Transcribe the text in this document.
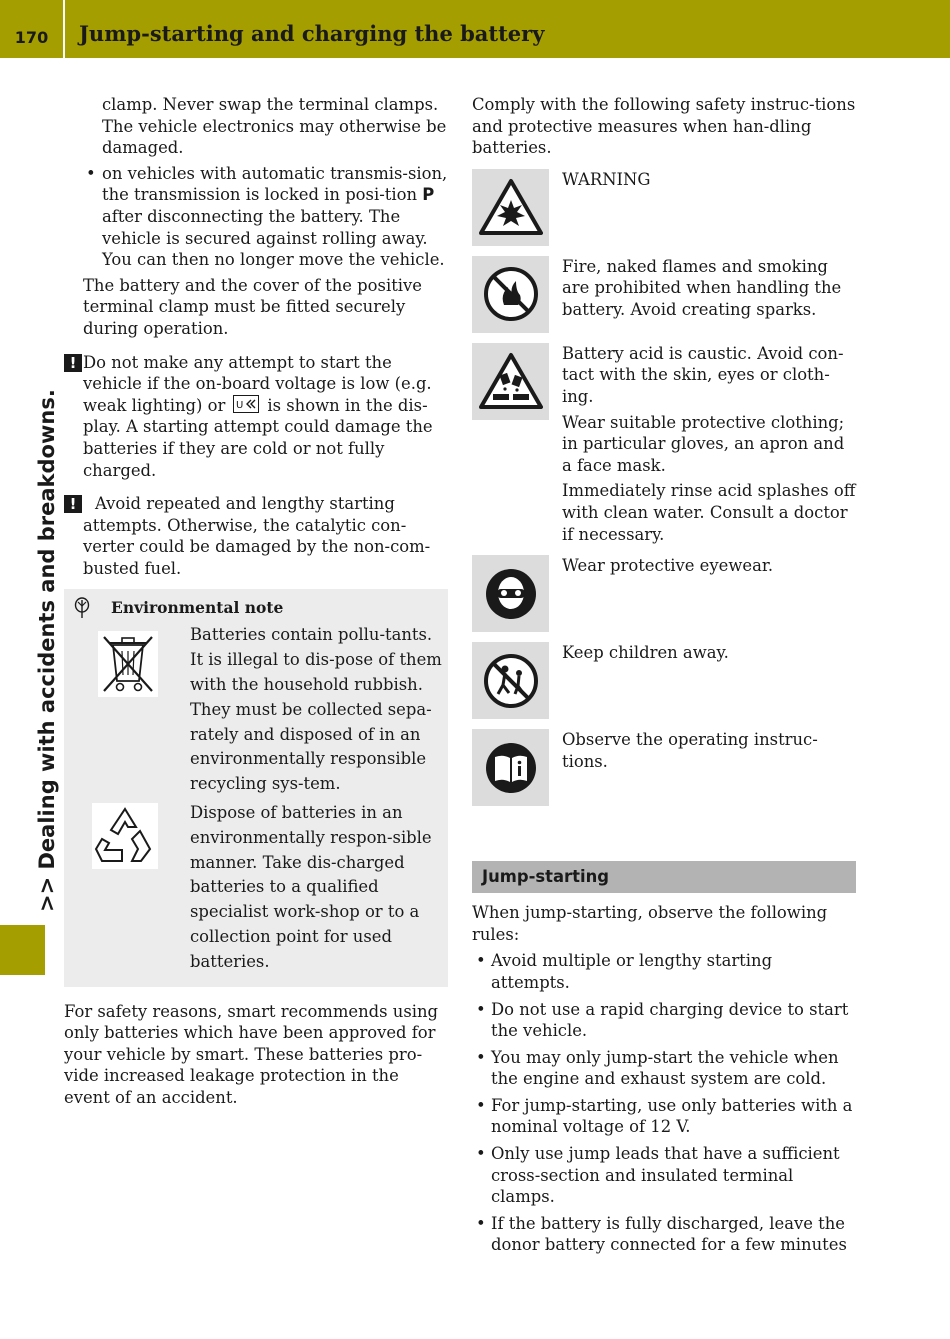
170	Jump-starting and charging the battery
>> Dealing with accidents and breakdowns.

clamp. Never swap the terminal clamps. The vehicle electronics may otherwise be damaged.

• on vehicles with automatic transmis-sion, the transmission is locked in posi-tion P after disconnecting the battery. The vehicle is secured against rolling away. You can then no longer move the vehicle.

The battery and the cover of the positive terminal clamp must be fitted securely during operation.

! Do not make any attempt to start the vehicle if the on-board voltage is low (e.g. weak lighting) or U is shown in the dis-play. A starting attempt could damage the batteries if they are cold or not fully charged.
!	Avoid repeated and lengthy starting attempts. Otherwise, the catalytic con-verter could be damaged by the non-com-busted fuel.
Environmental note

Batteries contain pollu-tants. It is illegal to dis-pose of them with the household rubbish. They must be collected sepa-rately and disposed of in an environmentally responsible recycling sys-tem.

Dispose of batteries in an environmentally respon-sible manner. Take dis-charged batteries to a qualified specialist work-shop or to a collection point for used batteries.

For safety reasons, smart recommends using only batteries which have been approved for your vehicle by smart. These batteries pro-vide increased leakage protection in the event of an accident.

Comply with the following safety instruc-tions and protective measures when han-dling batteries.

WARNING

Fire, naked flames and smoking are prohibited when handling the battery. Avoid creating sparks.

Battery acid is caustic. Avoid con-tact with the skin, eyes or cloth-ing.

Wear suitable protective clothing; in particular gloves, an apron and a face mask.

Immediately rinse acid splashes off with clean water. Consult a doctor if necessary.

Wear protective eyewear.

Keep children away.

Observe the operating instruc-tions.

Jump-starting

When jump-starting, observe the following rules:

• Avoid multiple or lengthy starting attempts.
• Do not use a rapid charging device to start the vehicle.
• You may only jump-start the vehicle when the engine and exhaust system are cold.
• For jump-starting, use only batteries with a nominal voltage of 12 V.
• Only use jump leads that have a sufficient cross-section and insulated terminal clamps.
• If the battery is fully discharged, leave the donor battery connected for a few minutes
